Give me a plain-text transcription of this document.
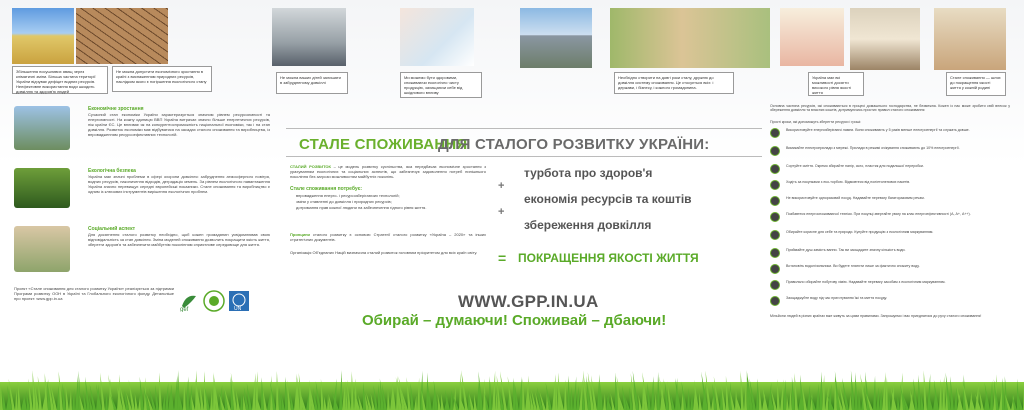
Збільшення посушливих явищ через кліматичні зміни. Більша частина території України відчуває дефіцит водних ресурсів. Неефективне використання води шкодить довкіллю та здоров'ю людей
Не можна допустити економічного зростання в країні з виснаженням природних ресурсів, наслідком якого є погіршення екологічного стану
Не можна ваших дітей залишати в забрудненому довкіллі
Ми можемо бути здоровими, споживаючи екологічно чисту продукцію, захищаючи себе від шкідливого впливу
Необхідно створити на довгі роки сталу, дружню до довкілля систему споживання. Це стосується всіх: і держави, і бізнесу, і кожного громадянина.
Україна має всі можливості досягти високого рівня якості життя
Стале споживання — шлях до покращення якості життя у кожній родині
Економічне зростання
Сучасний стан економіки України характеризується значним рівнем ресурсоємності та енергоємності. На кожну одиницю ВВП Україна витрачає значно більше енергетичних ресурсів, ніж країни ЄС. Це впливає як на конкурентоспроможність національної економіки, так і на стан довкілля. Розвиток економіки має відбуватися на засадах сталого споживання та виробництва, із впровадженням ресурсоефективних технологій.
Екологічна безпека
Україна має значні проблеми в сфері охорони довкілля: забруднення атмосферного повітря, водних ресурсів, накопичення відходів, деградація земель. За рівнем екологічного навантаження Україна значно перевищує середні європейські показники. Стале споживання та виробництво є одним із ключових інструментів вирішення екологічних проблем.
Соціальний аспект
Для досягнення сталого розвитку необхідно, щоб кожен громадянин усвідомлював свою відповідальність за стан довкілля. Зміна моделей споживання дозволить покращити якість життя, зберегти здоров'я та забезпечити майбутнім поколінням сприятливе середовище для життя.
Проект «Стале споживання для сталого розвитку України» реалізується за підтримки Програми розвитку ООН в Україні та Глобального екологічного фонду. Детальніше про проект: www.gpp.in.ua
gef	UN
СТАЛЕ СПОЖИВАННЯ
ДЛЯ СТАЛОГО РОЗВИТКУ УКРАЇНИ:
СТАЛИЙ РОЗВИТОК – це модель розвитку суспільства, яка передбачає економічне зростання з урахуванням екологічних та соціальних аспектів, що забезпечує задоволення потреб нинішнього покоління без загрози можливостям майбутніх поколінь.
Стале споживання потребує:
впровадження енерго- і ресурсозберігаючих технологій;
зміни у ставленні до довкілля і природних ресурсів;
дотримання прав кожної людини на забезпечення гідного рівня життя.
Принципи сталого розвитку є основою Стратегії сталого розвитку «Україна – 2020» та інших стратегічних документів.
Організація Об'єднаних Націй визначила сталий розвиток головним пріоритетом для всіх країн світу.
+
+
турбота про здоров'я
економія ресурсів та коштів
збереження довкілля
= ПОКРАЩЕННЯ ЯКОСТІ ЖИТТЯ
WWW.GPP.IN.UA
Обирай – думаючи! Споживай – дбаючи!
Основна частина ресурсів, які споживаються в процесі домашнього господарства, не безмежна. Кожен із нас може зробити свій внесок у збереження довкілля та власних коштів, дотримуючись простих правил сталого споживання:
Прості кроки, які допоможуть зберегти ресурси і гроші:
Використовуйте енергозберігаючі лампи. Вони споживають у 5 разів менше електроенергії та служать довше.
Вимикайте електроприлади з мережі. Прилади в режимі очікування споживають до 10% електроенергії.
Сортуйте сміття. Окремо збирайте папір, скло, пластик для подальшої переробки.
Ходіть за покупками з еко-торбою. Відмовтеся від поліетиленових пакетів.
Не використовуйте одноразовий посуд. Надавайте перевагу багаторазовим речам.
Позбавтеся енергоспоживаючої техніки. При покупці звертайте увагу на клас енергоефективності (А, А+, А++).
Обирайте корисне для себе та природи. Купуйте продукцію з екологічним маркуванням.
Приймайте душ замість ванни. Так ви заощадите значну кількість води.
Встановіть водолічильники. Ви будете платити лише за фактично спожиту воду.
Правильно обирайте побутову хімію. Надавайте перевагу засобам з екологічним маркуванням.
Заощаджуйте воду під час приготування їжі та миття посуду.
Мільйони людей в різних країнах вже живуть за цими правилами. Запрошуємо і вас приєднатися до руху сталого споживання!
